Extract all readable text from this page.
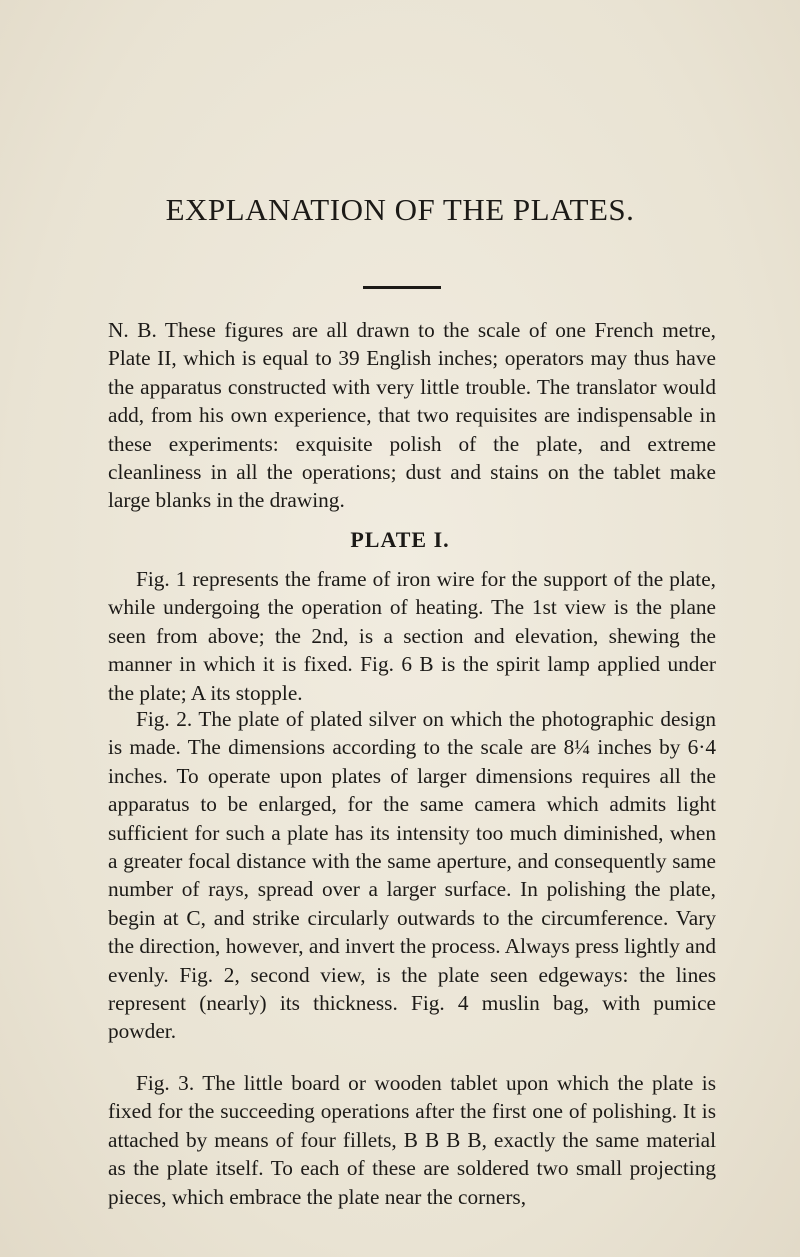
EXPLANATION OF THE PLATES.

N. B. These figures are all drawn to the scale of one French metre, Plate II, which is equal to 39 English inches; operators may thus have the apparatus constructed with very little trouble. The translator would add, from his own experience, that two requisites are indispensable in these experiments: exquisite polish of the plate, and extreme cleanliness in all the operations; dust and stains on the tablet make large blanks in the drawing.

PLATE I.

Fig. 1 represents the frame of iron wire for the support of the plate, while undergoing the operation of heating. The 1st view is the plane seen from above; the 2nd, is a section and elevation, shewing the manner in which it is fixed. Fig. 6 B is the spirit lamp applied under the plate; A its stopple.

Fig. 2. The plate of plated silver on which the photographic design is made. The dimensions according to the scale are 8¼ inches by 6·4 inches. To operate upon plates of larger dimensions requires all the apparatus to be enlarged, for the same camera which admits light sufficient for such a plate has its intensity too much diminished, when a greater focal distance with the same aperture, and consequently same number of rays, spread over a larger surface. In polishing the plate, begin at C, and strike circularly outwards to the circumference. Vary the direction, however, and invert the process. Always press lightly and evenly. Fig. 2, second view, is the plate seen edgeways: the lines represent (nearly) its thickness. Fig. 4 muslin bag, with pumice powder.

Fig. 3. The little board or wooden tablet upon which the plate is fixed for the succeeding operations after the first one of polishing. It is attached by means of four fillets, B B B B, exactly the same material as the plate itself. To each of these are soldered two small projecting pieces, which embrace the plate near the corners,
